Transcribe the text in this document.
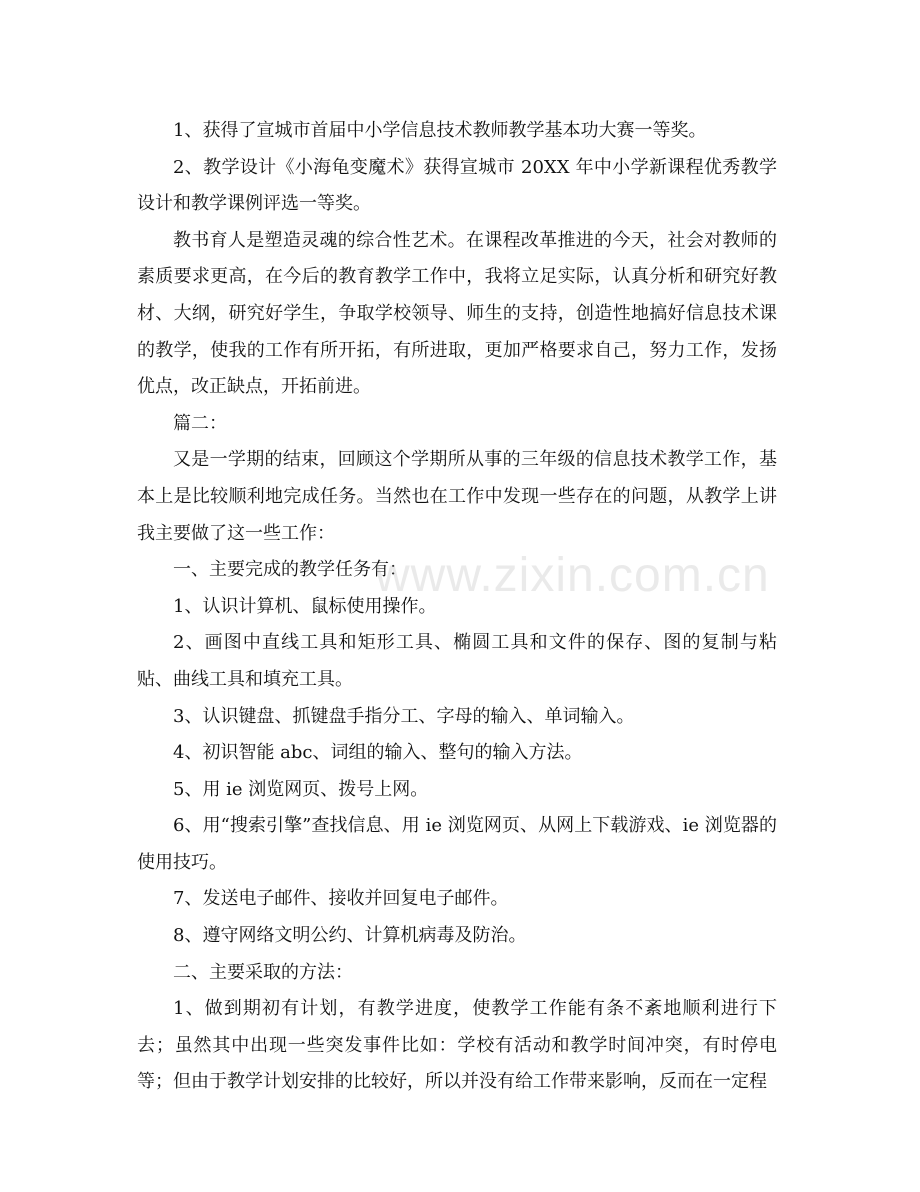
1、获得了宣城市首届中小学信息技术教师教学基本功大赛一等奖。

2、教学设计《小海龟变魔术》获得宣城市 20XX 年中小学新课程优秀教学设计和教学课例评选一等奖。

教书育人是塑造灵魂的综合性艺术。在课程改革推进的今天，社会对教师的素质要求更高，在今后的教育教学工作中，我将立足实际，认真分析和研究好教材、大纲，研究好学生，争取学校领导、师生的支持，创造性地搞好信息技术课的教学，使我的工作有所开拓，有所进取，更加严格要求自己，努力工作，发扬优点，改正缺点，开拓前进。

篇二：

又是一学期的结束，回顾这个学期所从事的三年级的信息技术教学工作，基本上是比较顺利地完成任务。当然也在工作中发现一些存在的问题，从教学上讲我主要做了这一些工作：

一、主要完成的教学任务有：

1、认识计算机、鼠标使用操作。

2、画图中直线工具和矩形工具、椭圆工具和文件的保存、图的复制与粘贴、曲线工具和填充工具。

3、认识键盘、抓键盘手指分工、字母的输入、单词输入。

4、初识智能 abc、词组的输入、整句的输入方法。

5、用 ie 浏览网页、拨号上网。

6、用“搜索引擎”查找信息、用 ie 浏览网页、从网上下载游戏、ie 浏览器的使用技巧。

7、发送电子邮件、接收并回复电子邮件。

8、遵守网络文明公约、计算机病毒及防治。

二、主要采取的方法：

1、做到期初有计划，有教学进度，使教学工作能有条不紊地顺利进行下去；虽然其中出现一些突发事件比如：学校有活动和教学时间冲突，有时停电等；但由于教学计划安排的比较好，所以并没有给工作带来影响，反而在一定程

www.zixin.com.cn
